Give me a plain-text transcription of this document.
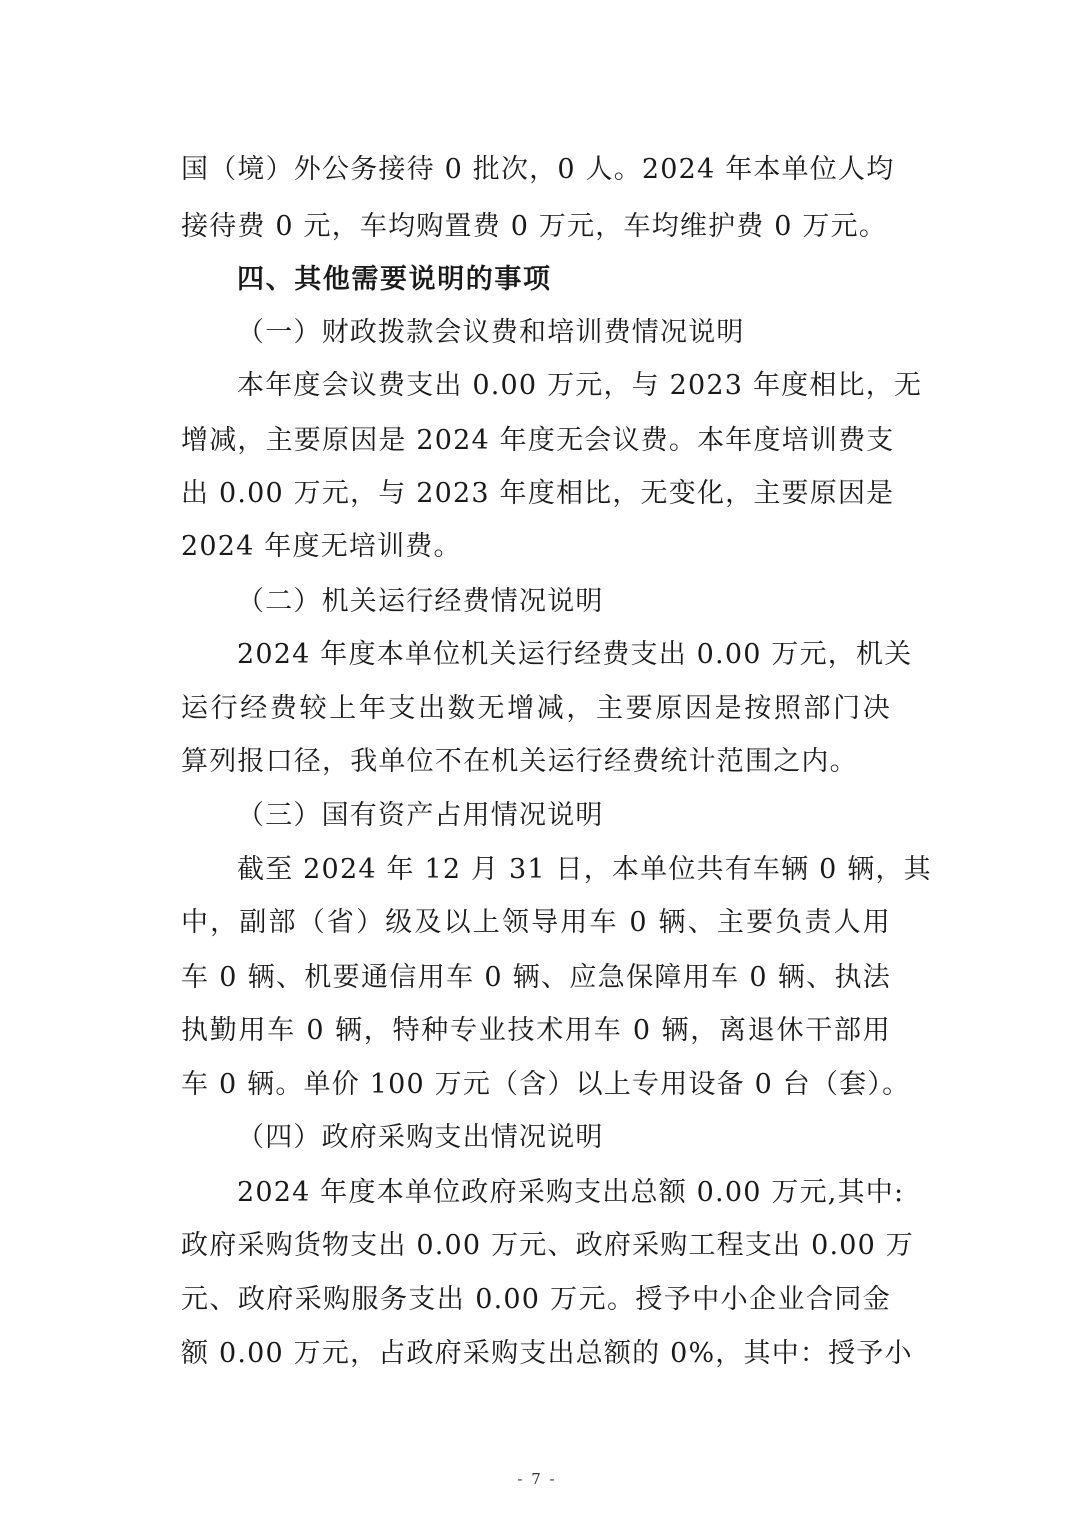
国（境）外公务接待 0 批次，0 人。2024 年本单位人均
接待费 0 元，车均购置费 0 万元，车均维护费 0 万元。
四、其他需要说明的事项
（一）财政拨款会议费和培训费情况说明
本年度会议费支出 0.00 万元，与 2023 年度相比，无
增减，主要原因是 2024 年度无会议费。本年度培训费支
出 0.00 万元，与 2023 年度相比，无变化，主要原因是
2024 年度无培训费。
（二）机关运行经费情况说明
2024 年度本单位机关运行经费支出 0.00 万元，机关
运行经费较上年支出数无增减，主要原因是按照部门决
算列报口径，我单位不在机关运行经费统计范围之内。
（三）国有资产占用情况说明
截至 2024 年 12 月 31 日，本单位共有车辆 0 辆，其
中，副部（省）级及以上领导用车 0 辆、主要负责人用
车 0 辆、机要通信用车 0 辆、应急保障用车 0 辆、执法
执勤用车 0 辆，特种专业技术用车 0 辆，离退休干部用
车 0 辆。单价 100 万元（含）以上专用设备 0 台（套）。
（四）政府采购支出情况说明
2024 年度本单位政府采购支出总额 0.00 万元,其中:
政府采购货物支出 0.00 万元、政府采购工程支出 0.00 万
元、政府采购服务支出 0.00 万元。授予中小企业合同金
额 0.00 万元，占政府采购支出总额的 0%，其中：授予小
- 7 -
